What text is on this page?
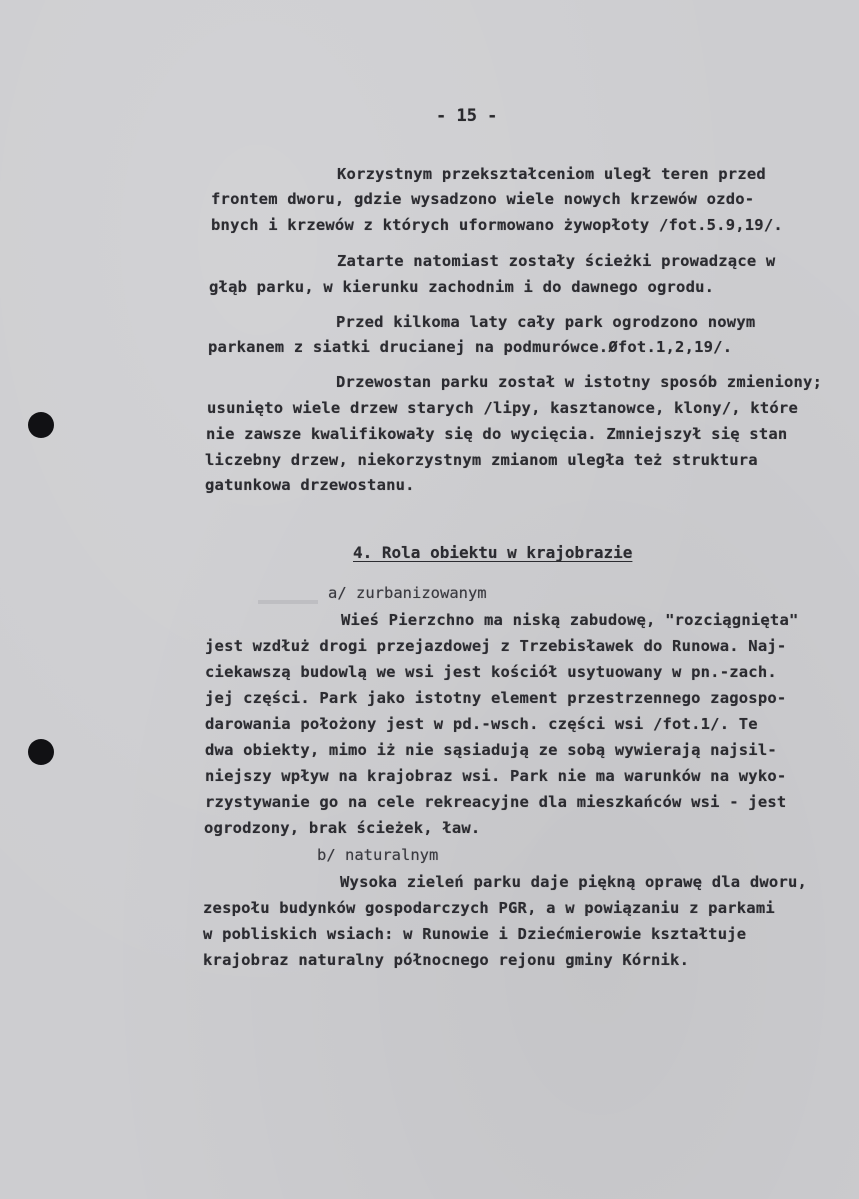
- 15 -
Korzystnym przekształceniom uległ teren przed
frontem dworu, gdzie wysadzono wiele nowych krzewów ozdo-
bnych i krzewów z których uformowano żywopłoty /fot.5.9,19/.
Zatarte natomiast zostały ścieżki prowadzące w
głąb parku, w kierunku zachodnim i do dawnego ogrodu.
Przed kilkoma laty cały park ogrodzono nowym
parkanem z siatki drucianej na podmurówce.Øfot.1,2,19/.
Drzewostan parku został w istotny sposób zmieniony;
usunięto wiele drzew starych /lipy, kasztanowce, klony/, które
nie zawsze kwalifikowały się do wycięcia. Zmniejszył się stan
liczebny drzew, niekorzystnym zmianom uległa też struktura
gatunkowa drzewostanu.
4. Rola obiektu w krajobrazie
a/ zurbanizowanym
Wieś Pierzchno ma niską zabudowę, "rozciągnięta"
jest wzdłuż drogi przejazdowej z Trzebisławek do Runowa. Naj-
ciekawszą budowlą we wsi jest kościół usytuowany w pn.-zach.
jej części. Park jako istotny element przestrzennego zagospo-
darowania położony jest w pd.-wsch. części wsi /fot.1/. Te
dwa obiekty, mimo iż nie sąsiadują ze sobą wywierają najsil-
niejszy wpływ na krajobraz wsi. Park nie ma warunków na wyko-
rzystywanie go na cele rekreacyjne dla mieszkańców wsi - jest
ogrodzony, brak ścieżek, ław.
b/ naturalnym
Wysoka zieleń parku daje piękną oprawę dla dworu,
zespołu budynków gospodarczych PGR, a w powiązaniu z parkami
w pobliskich wsiach: w Runowie i Dziećmierowie kształtuje
krajobraz naturalny północnego rejonu gminy Kórnik.
